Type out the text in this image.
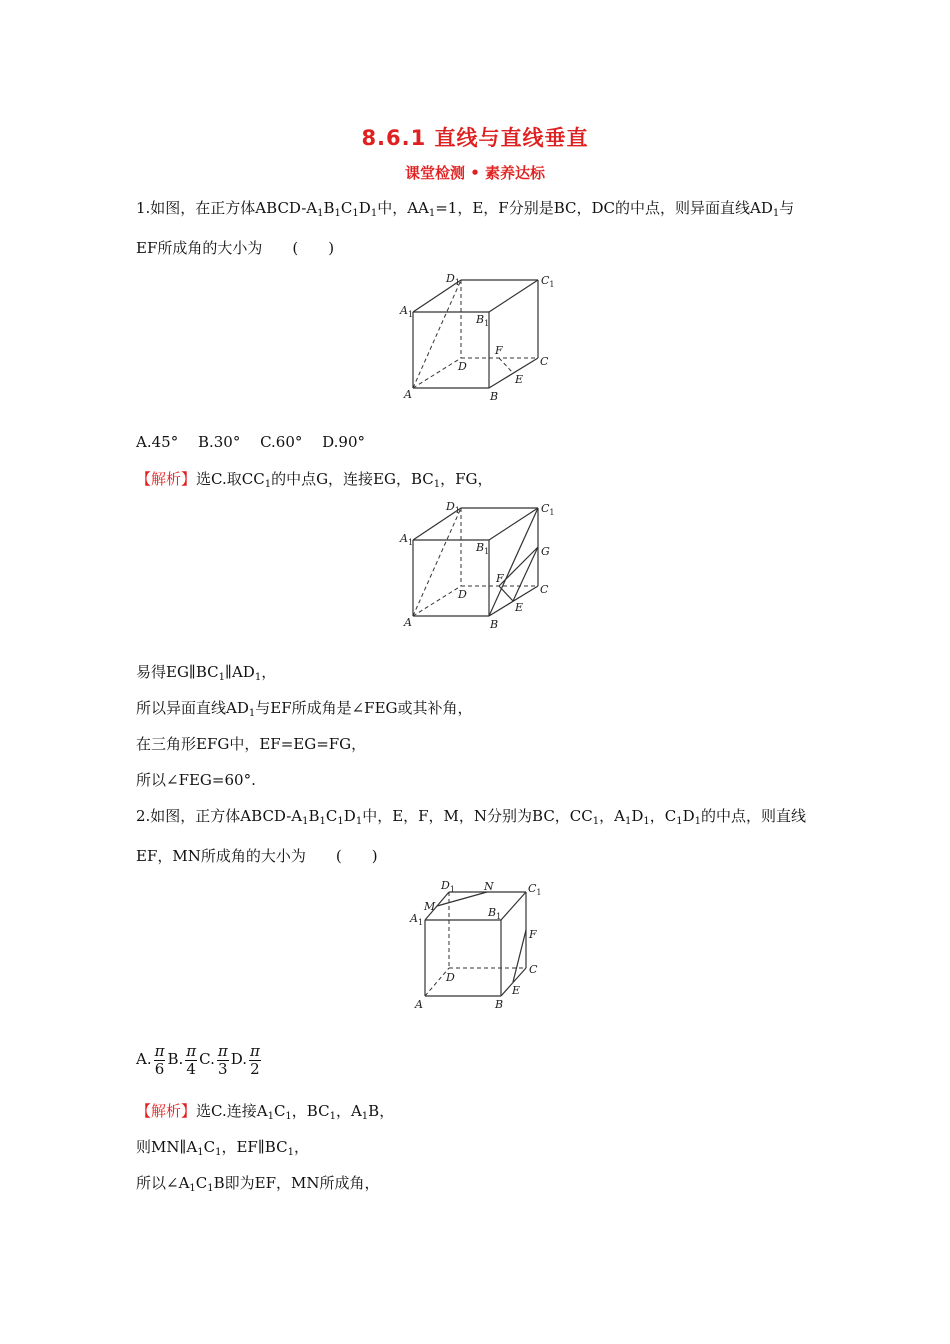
8.6.1 直线与直线垂直
课堂检测 • 素养达标
1.如图，在正方体ABCD-$A_1B_1C_1D_1$中，$AA_1=1$，E，F分别是BC，DC的中点，则异面直线$AD_1$与
EF所成角的大小为　　(　　)
A	B
C
D
E
F
$A_1$	$B_1$
$C_1$
$D_1$
A.45°　 B.30°　 C.60°　 D.90°
【解析】选C.取$CC_1$的中点G，连接EG，$BC_1$，FG，
A	B
C
D
E
F
G
$A_1$	$B_1$
$C_1$
$D_1$
易得$EG\parallel BC_1\parallel AD_1$，
所以异面直线$AD_1$与EF所成角是∠FEG或其补角，
在三角形EFG中，EF=EG=FG，
所以∠FEG=60°.
2.如图，正方体ABCD-$A_1B_1C_1D_1$中，E，F，M，N分别为BC，$CC_1$，$A_1D_1$，$C_1D_1$的中点，则直线
EF，MN所成角的大小为　　(　　)
A	B
C
D
E
F
M
N
$A_1$
$B_1$
$C_1$
$D_1$
A. $\frac{\pi}{6} B$. $\frac{\pi}{4} C$. $\frac{\pi}{3} D$. $\frac{\pi}{2}$
【解析】选C.连接$A_1C_1$，$BC_1$，$A_1B$，
则$MN\parallel A_1C_1$，$EF\parallel BC_1$，
所以$\angle A_1C_1B$即为EF，MN所成角，
